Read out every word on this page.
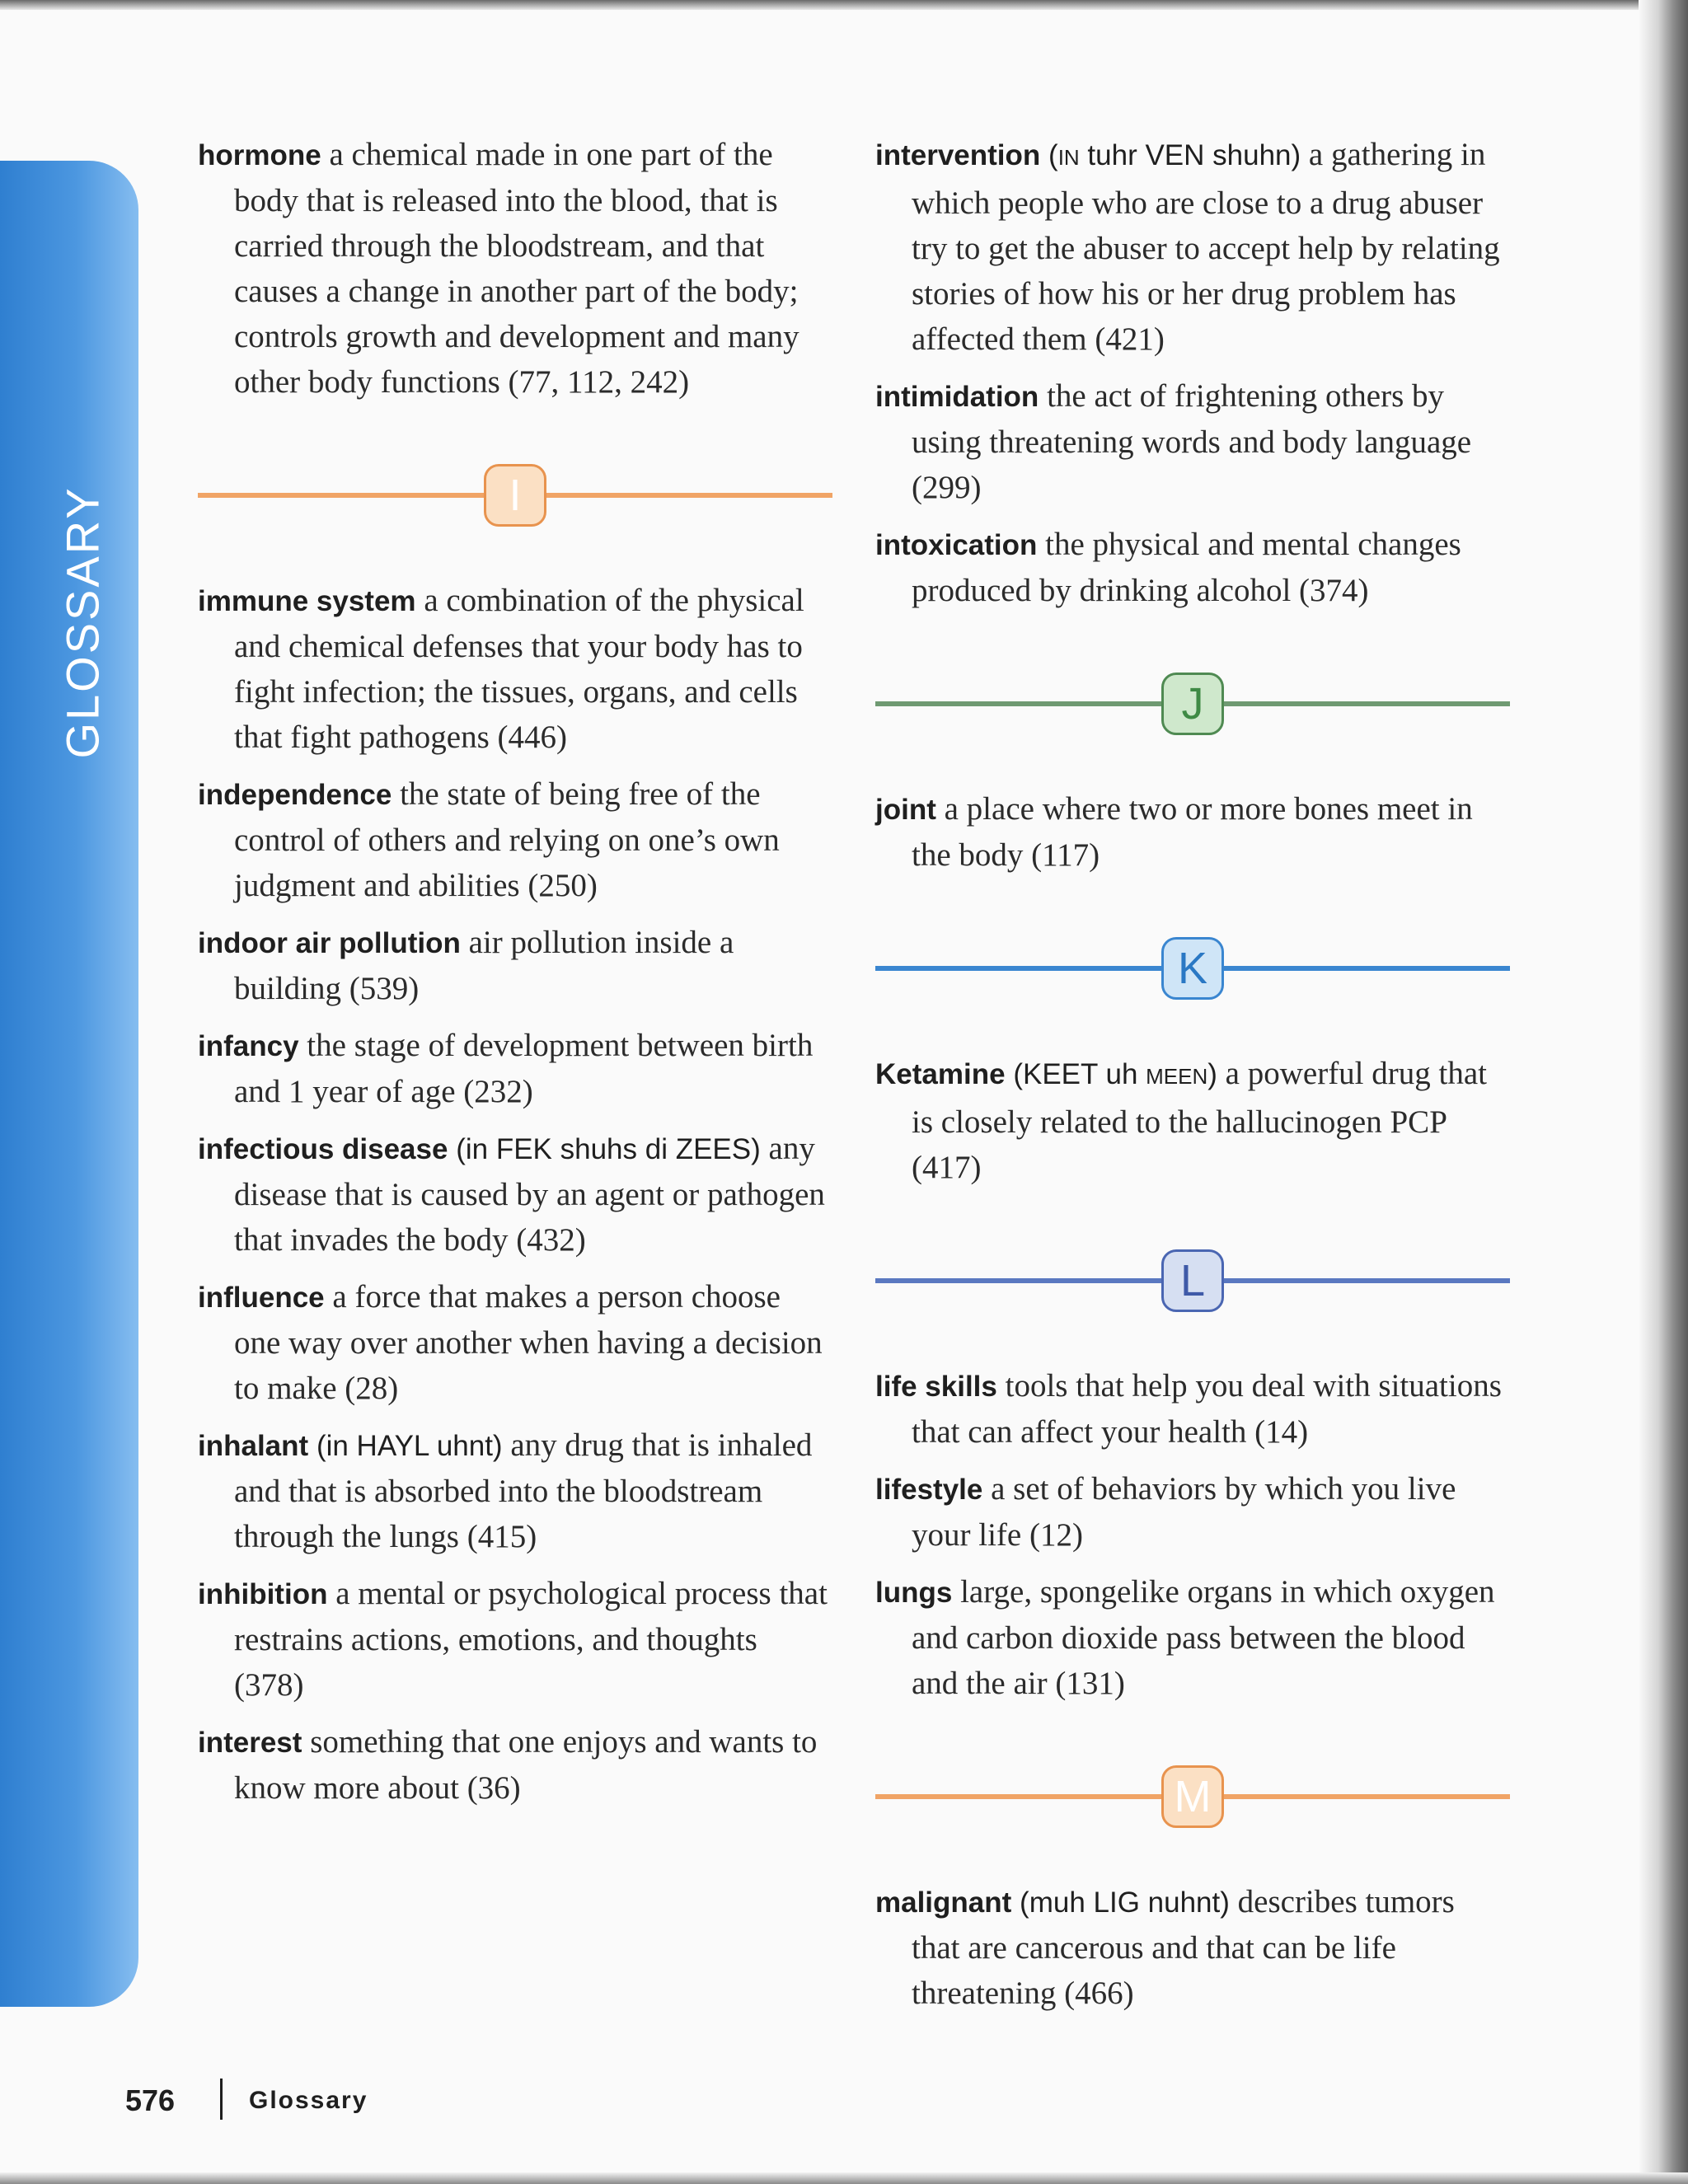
GLOSSARY

hormone a chemical made in one part of the body that is released into the blood, that is carried through the bloodstream, and that causes a change in another part of the body; controls growth and development and many other body functions (77, 112, 242)

I

immune system a combination of the physical and chemical defenses that your body has to fight infection; the tissues, organs, and cells that fight pathogens (446)

independence the state of being free of the control of others and relying on one’s own judgment and abilities (250)

indoor air pollution air pollution inside a building (539)

infancy the stage of development between birth and 1 year of age (232)

infectious disease (in FEK shuhs di ZEES) any disease that is caused by an agent or pathogen that invades the body (432)

influence a force that makes a person choose one way over another when having a decision to make (28)

inhalant (in HAYL uhnt) any drug that is inhaled and that is absorbed into the bloodstream through the lungs (415)

inhibition a mental or psychological process that restrains actions, emotions, and thoughts (378)

interest something that one enjoys and wants to know more about (36)

intervention (IN tuhr VEN shuhn) a gathering in which people who are close to a drug abuser try to get the abuser to accept help by relating stories of how his or her drug problem has affected them (421)

intimidation the act of frightening others by using threatening words and body language (299)

intoxication the physical and mental changes produced by drinking alcohol (374)

J

joint a place where two or more bones meet in the body (117)

K

Ketamine (KEET uh MEEN) a powerful drug that is closely related to the hallucinogen PCP (417)

L

life skills tools that help you deal with situations that can affect your health (14)

lifestyle a set of behaviors by which you live your life (12)

lungs large, spongelike organs in which oxygen and carbon dioxide pass between the blood and the air (131)

M

malignant (muh LIG nuhnt) describes tumors that are cancerous and that can be life threatening (466)

576	Glossary
